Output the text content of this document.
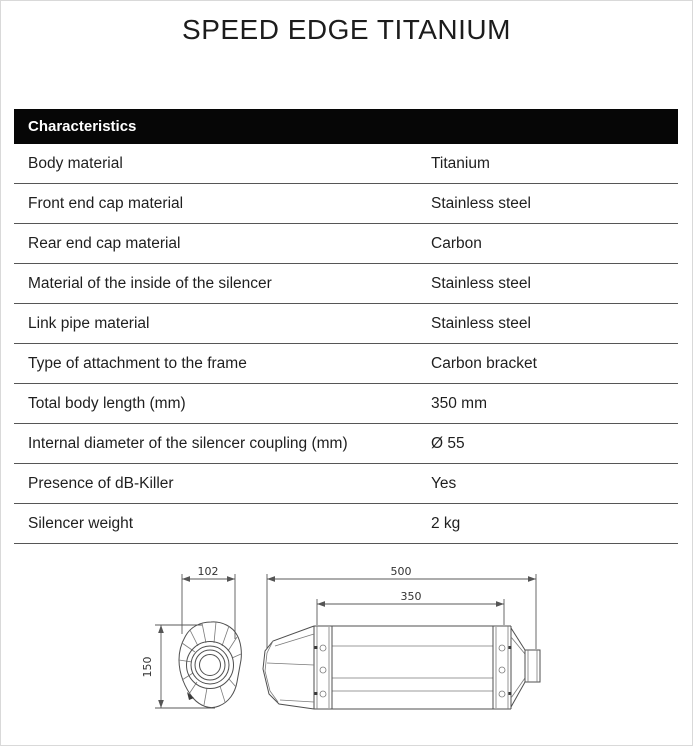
SPEED EDGE TITANIUM
Characteristics
Body material	Titanium
Front end cap material	Stainless steel
Rear end cap material	Carbon
Material of the inside of the silencer	Stainless steel
Link pipe material	Stainless steel
Type of attachment to the frame	Carbon bracket
Total body length (mm)	350 mm
Internal diameter of the silencer coupling (mm)	Ø 55
Presence of dB-Killer	Yes
Silencer weight	2 kg
102	500
350
150
